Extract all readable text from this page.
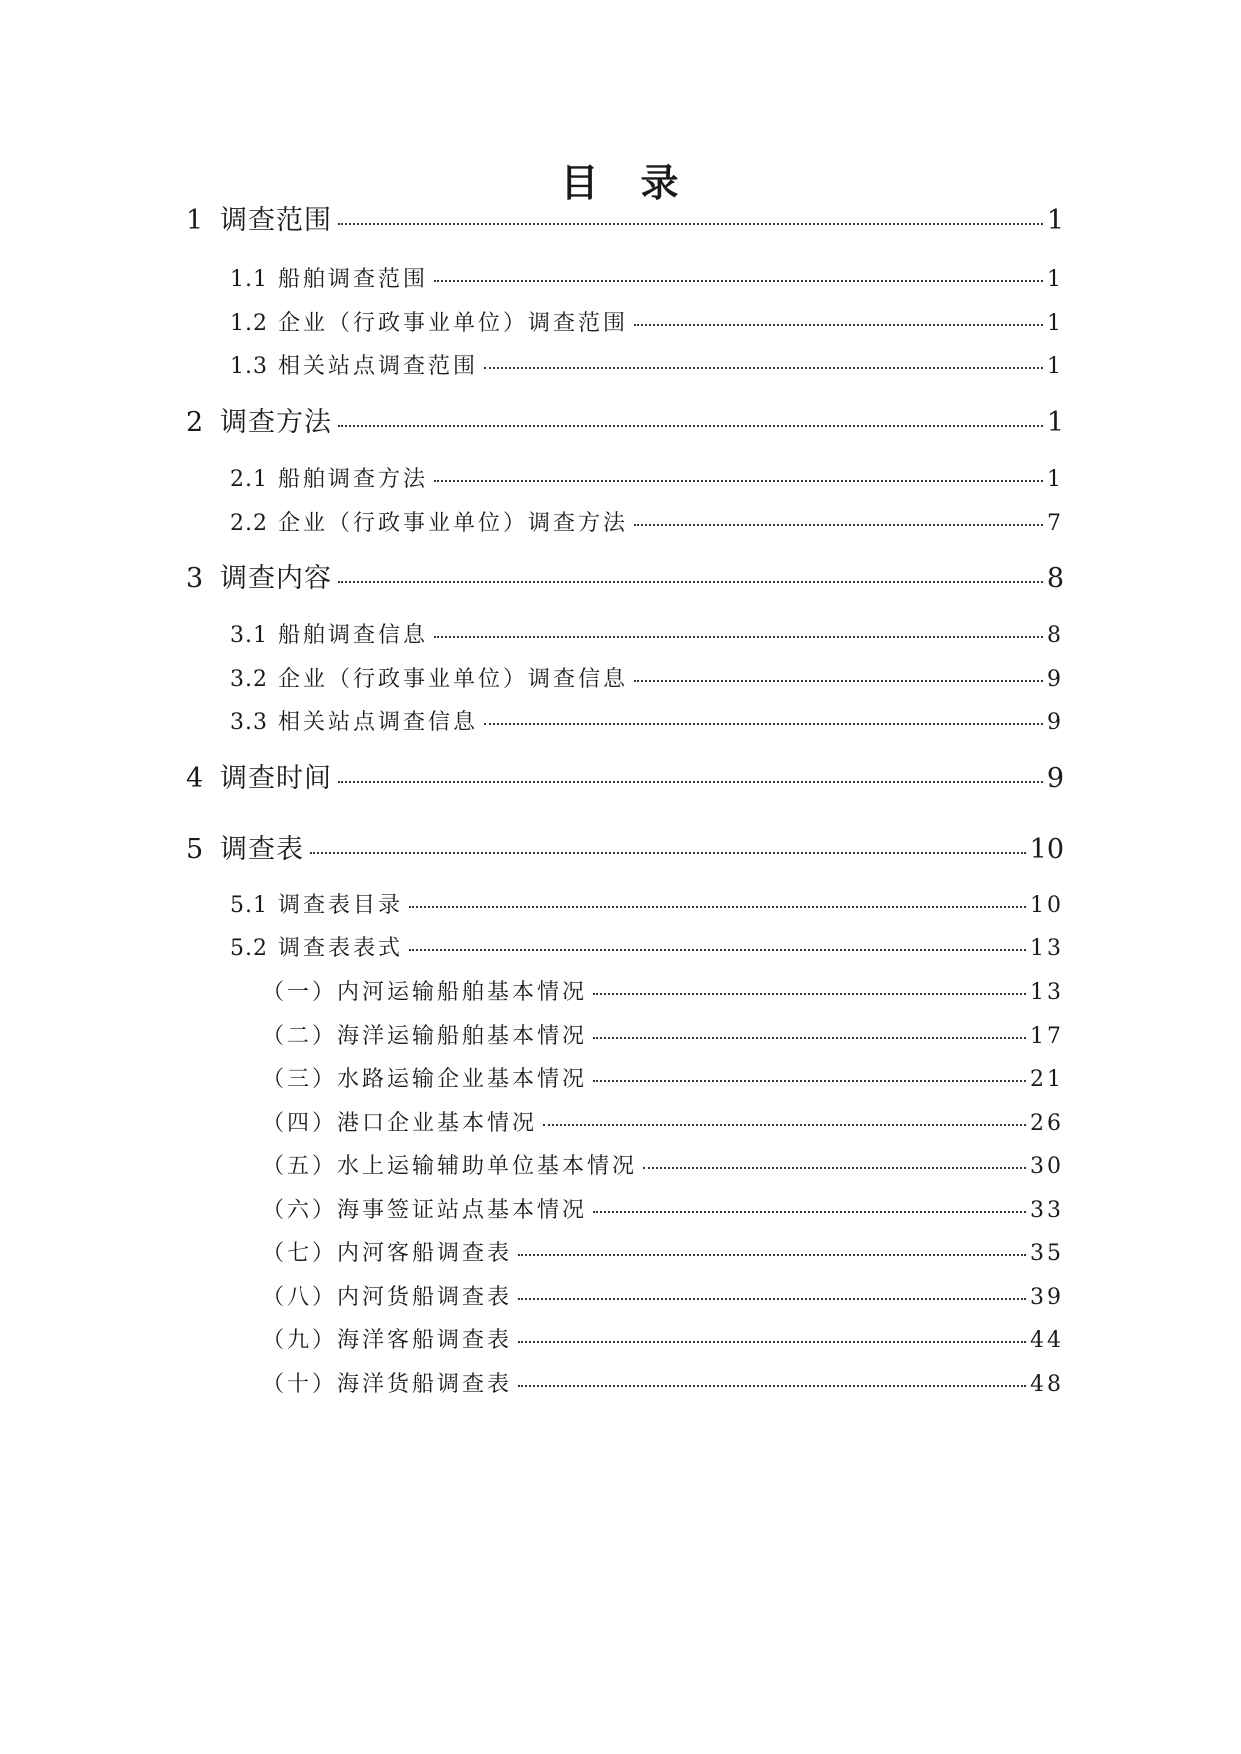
目　录
1 调查范围	1
1.1 船舶调查范围	1
1.2 企业（行政事业单位）调查范围	1
1.3 相关站点调查范围	1
2 调查方法	1
2.1 船舶调查方法	1
2.2 企业（行政事业单位）调查方法	7
3 调查内容	8
3.1 船舶调查信息	8
3.2 企业（行政事业单位）调查信息	9
3.3 相关站点调查信息	9
4 调查时间	9
5 调查表	10
5.1 调查表目录	10
5.2 调查表表式	13
（一）内河运输船舶基本情况	13
（二）海洋运输船舶基本情况	17
（三）水路运输企业基本情况	21
（四）港口企业基本情况	26
（五）水上运输辅助单位基本情况	30
（六）海事签证站点基本情况	33
（七）内河客船调查表	35
（八）内河货船调查表	39
（九）海洋客船调查表	44
（十）海洋货船调查表	48
